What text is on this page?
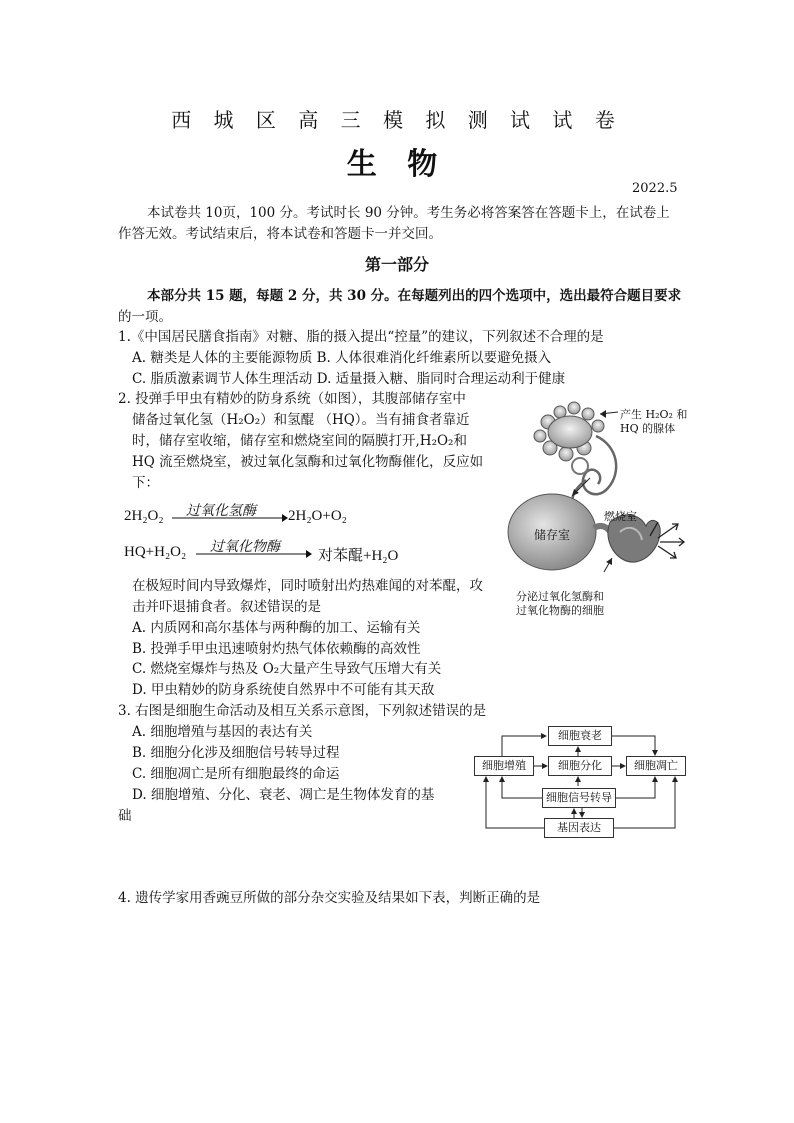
西 城 区 高 三 模 拟 测 试 试 卷
生 物
2022.5
本试卷共 10页，100 分。考试时长 90 分钟。考生务必将答案答在答题卡上，在试卷上
作答无效。考试结束后，将本试卷和答题卡一并交回。
第一部分
本部分共 15 题，每题 2 分，共 30 分。在每题列出的四个选项中，选出最符合题目要求
的一项。
1.《中国居民膳食指南》对糖、脂的摄入提出“控量”的建议，下列叙述不合理的是
A. 糖类是人体的主要能源物质 B. 人体很难消化纤维素所以要避免摄入
C. 脂质激素调节人体生理活动 D. 适量摄入糖、脂同时合理运动利于健康
2. 投弹手甲虫有精妙的防身系统（如图），其腹部储存室中
储备过氧化氢（H₂O₂）和氢醌 （HQ）。当有捕食者靠近
时，储存室收缩，储存室和燃烧室间的隔膜打开,H₂O₂和
HQ 流至燃烧室，被过氧化氢酶和过氧化物酶催化，反应如
下：
2H₂O₂ 过氧化氢酶 2H₂O+O₂
HQ+H₂O₂ 过氧化物酶
对苯醌+H₂O
在极短时间内导致爆炸，同时喷射出灼热难闻的对苯醌，攻
击并吓退捕食者。叙述错误的是
A. 内质网和高尔基体与两种酶的加工、运输有关
B. 投弹手甲虫迅速喷射灼热气体依赖酶的高效性
C. 燃烧室爆炸与热及 O₂大量产生导致气压增大有关
D. 甲虫精妙的防身系统使自然界中不可能有其天敌
产生 H₂O₂ 和
HQ 的腺体
储存室
燃烧室
分泌过氧化氢酶和
过氧化物酶的细胞
3. 右图是细胞生命活动及相互关系示意图，下列叙述错误的是
A. 细胞增殖与基因的表达有关
B. 细胞分化涉及细胞信号转导过程
C. 细胞凋亡是所有细胞最终的命运
D. 细胞增殖、分化、衰老、凋亡是生物体发育的基
础
细胞衰老
细胞增殖	细胞分化	细胞凋亡
细胞信号转导
基因表达
4. 遗传学家用香豌豆所做的部分杂交实验及结果如下表，判断正确的是
